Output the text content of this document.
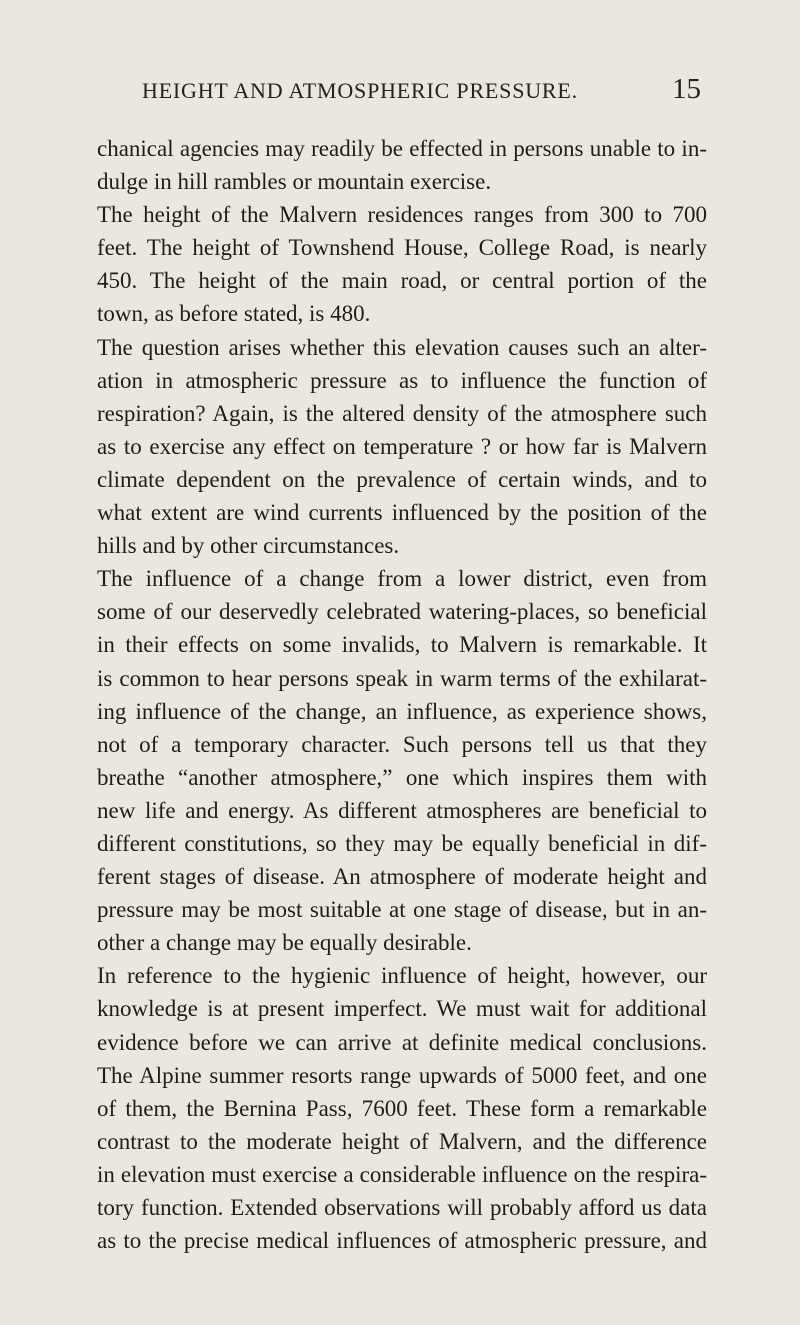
HEIGHT AND ATMOSPHERIC PRESSURE.	15
chanical agencies may readily be effected in persons unable to in-
dulge in hill rambles or mountain exercise.
The height of the Malvern residences ranges from 300 to 700
feet. The height of Townshend House, College Road, is nearly
450. The height of the main road, or central portion of the
town, as before stated, is 480.
The question arises whether this elevation causes such an alter-
ation in atmospheric pressure as to influence the function of
respiration? Again, is the altered density of the atmosphere such
as to exercise any effect on temperature ? or how far is Malvern
climate dependent on the prevalence of certain winds, and to
what extent are wind currents influenced by the position of the
hills and by other circumstances.
The influence of a change from a lower district, even from
some of our deservedly celebrated watering-places, so beneficial
in their effects on some invalids, to Malvern is remarkable. It
is common to hear persons speak in warm terms of the exhilarat-
ing influence of the change, an influence, as experience shows,
not of a temporary character. Such persons tell us that they
breathe “another atmosphere,” one which inspires them with
new life and energy. As different atmospheres are beneficial to
different constitutions, so they may be equally beneficial in dif-
ferent stages of disease. An atmosphere of moderate height and
pressure may be most suitable at one stage of disease, but in an-
other a change may be equally desirable.
In reference to the hygienic influence of height, however, our
knowledge is at present imperfect. We must wait for additional
evidence before we can arrive at definite medical conclusions.
The Alpine summer resorts range upwards of 5000 feet, and one
of them, the Bernina Pass, 7600 feet. These form a remarkable
contrast to the moderate height of Malvern, and the difference
in elevation must exercise a considerable influence on the respira-
tory function. Extended observations will probably afford us data
as to the precise medical influences of atmospheric pressure, and
